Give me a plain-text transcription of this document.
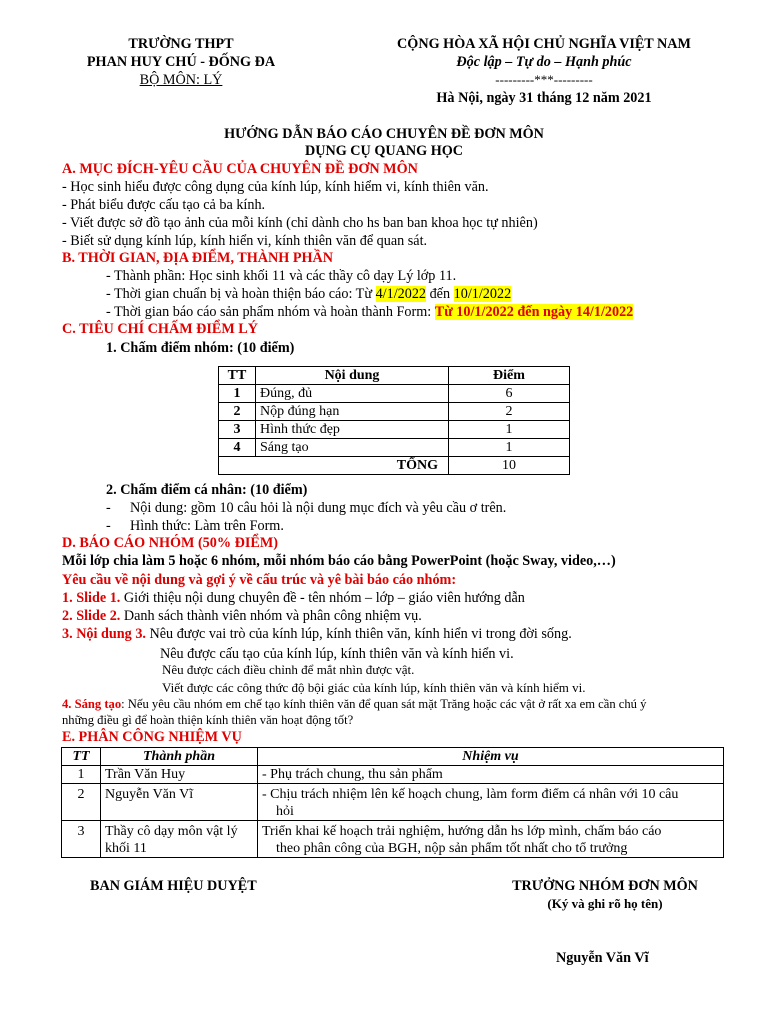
TRƯỜNG THPT
PHAN HUY CHÚ - ĐỐNG ĐA
BỘ MÔN: LÝ
CỘNG HÒA XÃ HỘI CHỦ NGHĨA VIỆT NAM
Độc lập – Tự do – Hạnh phúc
---------***---------
Hà Nội, ngày 31 tháng 12 năm 2021
HƯỚNG DẪN BÁO CÁO CHUYÊN ĐỀ ĐƠN MÔN
DỤNG CỤ QUANG HỌC
A. MỤC ĐÍCH-YÊU CẦU CỦA CHUYÊN ĐỀ ĐƠN MÔN
- Học sinh hiểu được công dụng của kính lúp, kính hiểm vi, kính thiên văn.
- Phát biểu được cấu tạo cả ba kính.
- Viết được sở đồ tạo ảnh của mỗi kính (chỉ dành cho hs ban ban khoa học tự nhiên)
- Biết sử dụng kính lúp, kính hiển vi, kính thiên văn để quan sát.
B. THỜI GIAN, ĐỊA ĐIỂM, THÀNH PHẦN
- Thành phần: Học sinh khối 11 và các thầy cô dạy Lý lớp 11.
- Thời gian chuẩn bị và hoàn thiện báo cáo: Từ 4/1/2022 đến 10/1/2022
- Thời gian báo cáo sản phẩm nhóm và hoàn thành Form: Từ 10/1/2022 đến ngày 14/1/2022
C. TIÊU CHÍ CHẤM ĐIỂM LÝ
1. Chấm điểm nhóm: (10 điểm)
TT	Nội dung	Điểm
1	Đúng, đủ	6
2	Nộp đúng hạn	2
3	Hình thức đẹp	1
4	Sáng tạo	1
TỔNG		10
2. Chấm điểm cá nhân: (10 điểm)
- Nội dung: gồm 10 câu hỏi là nội dung mục đích và yêu cầu ơ trên.
- Hình thức: Làm trên Form.
D. BÁO CÁO NHÓM (50% ĐIỂM)
Mỗi lớp chia làm 5 hoặc 6 nhóm, mỗi nhóm báo cáo bằng PowerPoint (hoặc Sway, video,…)
Yêu cầu về nội dung và gợi ý về cấu trúc và yê bài báo cáo nhóm:
1. Slide 1. Giới thiệu nội dung chuyên đề - tên nhóm – lớp – giáo viên hướng dẫn
2. Slide 2. Danh sách thành viên nhóm và phân công nhiệm vụ.
3. Nội dung 3. Nêu được vai trò của kính lúp, kính thiên văn, kính hiển vi trong đời sống.
Nêu được cấu tạo của kính lúp, kính thiên văn và kính hiển vi.
Nêu được cách điều chỉnh để mắt nhìn được vật.
Viết được các công thức độ bội giác của kính lúp, kính thiên văn và kính hiểm vi.
4. Sáng tạo: Nếu yêu cầu nhóm em chế tạo kính thiên văn để quan sát mặt Trăng hoặc các vật ở rất xa em cần chú ý
những điều gì để hoàn thiện kính thiên văn hoạt động tốt?
E. PHÂN CÔNG NHIỆM VỤ
TT	Thành phần	Nhiệm vụ
1	Trần Văn Huy	- Phụ trách chung, thu sản phẩm
2	Nguyễn Văn Vĩ	- Chịu trách nhiệm lên kế hoạch chung, làm form điểm cá nhân với 10 câu
hỏi

3	Thầy cô dạy môn vật lý khối 11	Triển khai kế hoạch trải nghiệm, hướng dẫn hs lớp mình, chấm báo cáo
theo phân công của BGH, nộp sản phẩm tốt nhất cho tổ trưởng
BAN GIÁM HIỆU DUYỆT	TRƯỞNG NHÓM ĐƠN MÔN
(Ký và ghi rõ họ tên)
Nguyễn Văn Vĩ
